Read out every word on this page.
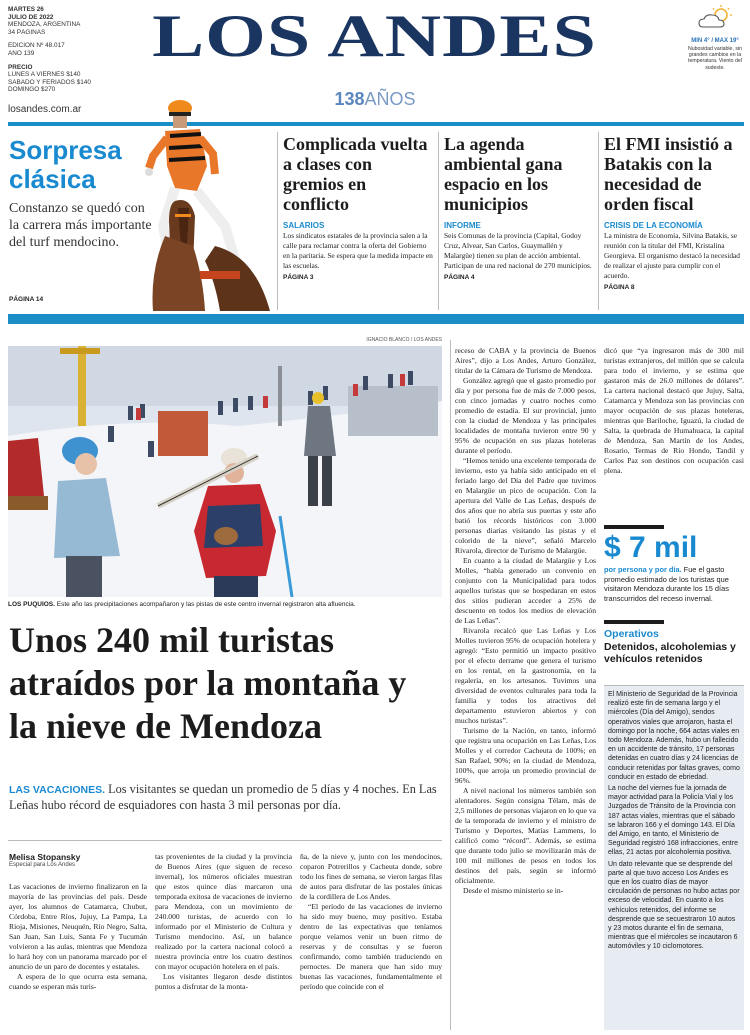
MARTES 26
JULIO DE 2022
MENDOZA, ARGENTINA
34 PÁGINAS
EDICIÓN Nº 48.017
AÑO 139
PRECIO
LUNES A VIERNES $140
SÁBADO Y FERIADOS $140
DOMINGO $270
LOS ANDES
138AÑOS
losandes.com.ar
MIN 4° / MAX 19°
Nubosidad variable, sin grandes cambios en la temperatura. Viento del sudeste.
Sorpresa clásica
Constanzo se quedó con la carrera más importante del turf mendocino.
PÁGINA 14
Complicada vuelta a clases con gremios en conflicto
SALARIOS

Los sindicatos estatales de la provincia salen a la calle para reclamar contra la oferta del Gobierno en la paritaria. Se espera que la medida impacte en las escuelas.

PÁGINA 3
La agenda ambiental gana espacio en los municipios
INFORME

Seis Comunas de la provincia (Capital, Godoy Cruz, Alvear, San Carlos, Guaymallén y Malargüe) tienen su plan de acción ambiental. Participan de una red nacional de 270 municipios.

PÁGINA 4
El FMI insistió a Batakis con la necesidad de orden fiscal
CRISIS DE LA ECONOMÍA

La ministra de Economía, Silvina Batakis, se reunión con la titular del FMI, Kristalina Georgieva. El organismo destacó la necesidad de realizar el ajuste para cumplir con el acuerdo.

PÁGINA 8
IGNACIO BLANCO / LOS ANDES
LOS PUQUIOS. Este año las precipitaciones acompañaron y las pistas de este centro invernal registraron alta afluencia.
Unos 240 mil turistas atraídos por la montaña y la nieve de Mendoza
LAS VACACIONES. Los visitantes se quedan un promedio de 5 días y 4 noches. En Las Leñas hubo récord de esquiadores con hasta 3 mil personas por día.
Melisa Stopansky
Especial para Los Andes

Las vacaciones de invierno finalizaron en la mayoría de las provincias del país. Desde ayer, los alumnos de Catamarca, Chubut, Córdoba, Entre Ríos, Jujuy, La Pampa, La Rioja, Misiones, Neuquén, Río Negro, Salta, San Juan, San Luis, Santa Fe y Tucumán volvieron a las aulas, mientras que Mendoza lo hará hoy con un panorama marcado por el anuncio de un paro de docentes y estatales.

A espera de lo que ocurra esta semana, cuando se esperan más turis-

tas provenientes de la ciudad y la provincia de Buenos Aires (que siguen de receso invernal), los números oficiales muestran que estos quince días marcaron una temporada exitosa de vacaciones de invierno para Mendoza, con un movimiento de 240.000 turistas, de acuerdo con lo informado por el Ministerio de Cultura y Turismo mendocino. Así, un balance realizado por la cartera nacional colocó a nuestra provincia entre los cuatro destinos con mayor ocupación hotelera en el país.

Los visitantes llegaron desde distintos puntos a disfrutar de la monta-

ña, de la nieve y, junto con los mendocinos, coparon Potrerillos y Cacheuta donde, sobre todo los fines de semana, se vieron largas filas de autos para disfrutar de las postales únicas de la cordillera de Los Andes.

“El período de las vacaciones de invierno ha sido muy bueno, muy positivo. Estaba dentro de las expectativas que teníamos porque veíamos venir un buen ritmo de reservas y de consultas y se fueron confirmando, como también traduciendo en pernoctes. De manera que han sido muy buenas las vacaciones, fundamentalmente el período que coincide con el

receso de CABA y la provincia de Buenos Aires”, dijo a Los Andes, Arturo González, titular de la Cámara de Turismo de Mendoza.

González agregó que el gasto promedio por día y por persona fue de más de 7.000 pesos, con cinco jornadas y cuatro noches como promedio de estadía. El sur provincial, junto con la ciudad de Mendoza y las principales localidades de montaña tuvieron entre 90 y 95% de ocupación en sus plazas hoteleras durante el período.

“Hemos tenido una excelente temporada de invierno, esto ya había sido anticipado en el feriado largo del Día del Padre que tuvimos en Malargüe un pico de ocupación. Con la apertura del Valle de Las Leñas, después de dos años que no abría sus puertas y este año batió los récords históricos con 3.000 personas diarias visitando las pistas y el colorido de la nieve”, señaló Marcelo Rivarola, director de Turismo de Malargüe.

En cuanto a la ciudad de Malargüe y Los Molles, “había generado un convenio en conjunto con la Municipalidad para todos aquellos turistas que se hospedaran en estos dos sitios pudieran acceder a 25% de descuento en todos los medios de elevación de Las Leñas”.

Rivarola recalcó que Las Leñas y Los Molles tuvieron 95% de ocupación hotelera y agregó: “Esto permitió un impacto positivo por el efecto derrame que genera el turismo en los rental, en la gastronomía, en la regalería, en los artesanos. Tuvimos una diversidad de eventos culturales para toda la familia y todos los atractivos del departamento estuvieron abiertos y con muchos turistas”.

Turismo de la Nación, en tanto, informó que registra una ocupación en Las Leñas, Los Molles y el corredor Cacheuta de 100%; en San Rafael, 90%; en la ciudad de Mendoza, 100%, que arroja un promedio provincial de 96%.

A nivel nacional los números también son alentadores. Según consigna Télam, más de 2,5 millones de personas viajaron en lo que va de la temporada de invierno y el ministro de Turismo y Deportes, Matías Lammens, lo calificó como “récord”. Además, se estima que durante todo julio se movilizarán más de 100 mil millones de pesos en todos los destinos del país, según se informó oficialmente.

Desde el mismo ministerio se in-

dicó que “ya ingresaron más de 300 mil turistas extranjeros, del millón que se calcula para todo el invierno, y se estima que gastaron más de 26.0 millones de dólares”. La cartera nacional destacó que Jujuy, Salta, Catamarca y Mendoza son las provincias con mayor ocupación de sus plazas hoteleras, mientras que Bariloche, Iguazú, la ciudad de Salta, la quebrada de Humahuaca, la capital de Mendoza, San Martín de los Andes, Rosario, Termas de Río Hondo, Tandil y Carlos Paz son destinos con ocupación casi plena.

$ 7 mil
por persona y por día. Fue el gasto promedio estimado de los turistas que visitaron Mendoza durante los 15 días transcurridos del receso invernal.
Operativos
Detenidos, alcoholemias y vehículos retenidos

El Ministerio de Seguridad de la Provincia realizó este fin de semana largo y el miércoles (Día del Amigo), sendos operativos viales que arrojaron, hasta el domingo por la noche, 664 actas viales en todo Mendoza. Además, hubo un fallecido en un accidente de tránsito, 17 personas detenidas en cuatro días y 24 licencias de conducir retenidas por faltas graves, como conducir en estado de ebriedad.

La noche del viernes fue la jornada de mayor actividad para la Policía Vial y los Juzgados de Tránsito de la Provincia con 187 actas viales, mientras que el sábado se labraron 166 y el domingo 143. El Día del Amigo, en tanto, el Ministerio de Seguridad registró 168 infracciones, entre ellas, 21 actas por alcoholemia positiva.

Un dato relevante que se desprende del parte al que tuvo acceso Los Andes es que en los cuatro días de mayor circulación de personas no hubo actas por exceso de velocidad. En cuanto a los vehículos retenidos, del informe se desprende que se secuestraron 10 autos y 23 motos durante el fin de semana, mientras que el miércoles se incautaron 6 automóviles y 10 ciclomotores.
